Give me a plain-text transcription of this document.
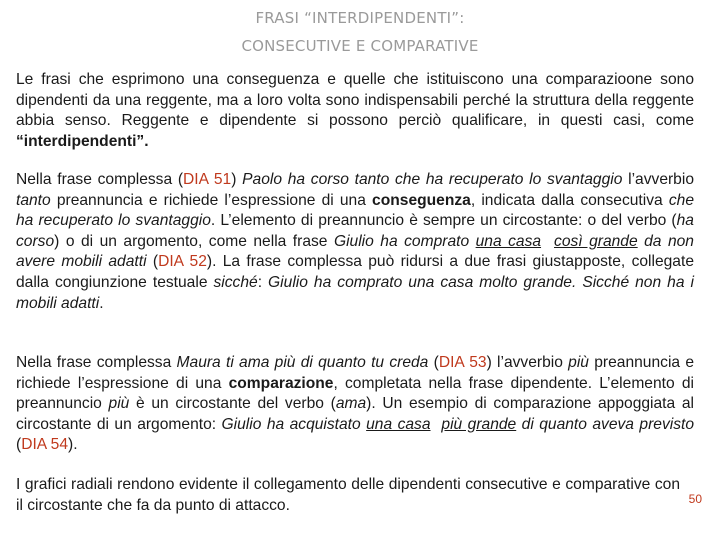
FRASI “INTERDIPENDENTI”:
CONSECUTIVE E COMPARATIVE

Le frasi che esprimono una conseguenza e quelle che istituiscono una comparazioone sono dipendenti da una reggente, ma a loro volta sono indispensabili perché la struttura della reggente abbia senso. Reggente e dipendente si possono perciò qualificare, in questi casi, come “interdipendenti”.

Nella frase complessa (DIA 51) Paolo ha corso tanto che ha recuperato lo svantaggio l’avverbio tanto preannuncia e richiede l’espressione di una conseguenza, indicata dalla consecutiva che ha recuperato lo svantaggio. L’elemento di preannuncio è sempre un circostante: o del verbo (ha corso) o di un argomento, come nella frase Giulio ha comprato una casa così grande da non avere mobili adatti (DIA 52). La frase complessa può ridursi a due frasi giustapposte, collegate dalla congiunzione testuale sicché: Giulio ha comprato una casa molto grande. Sicché non ha i mobili adatti.

Nella frase complessa Maura ti ama più di quanto tu creda (DIA 53) l’avverbio più preannuncia e richiede l’espressione di una comparazione, completata nella frase dipendente. L’elemento di preannuncio più è un circostante del verbo (ama). Un esempio di comparazione appoggiata al circostante di un argomento: Giulio ha acquistato una casa più grande di quanto aveva previsto (DIA 54).

I grafici radiali rendono evidente il collegamento delle dipendenti consecutive e comparative con il circostante che fa da punto di attacco.	50
